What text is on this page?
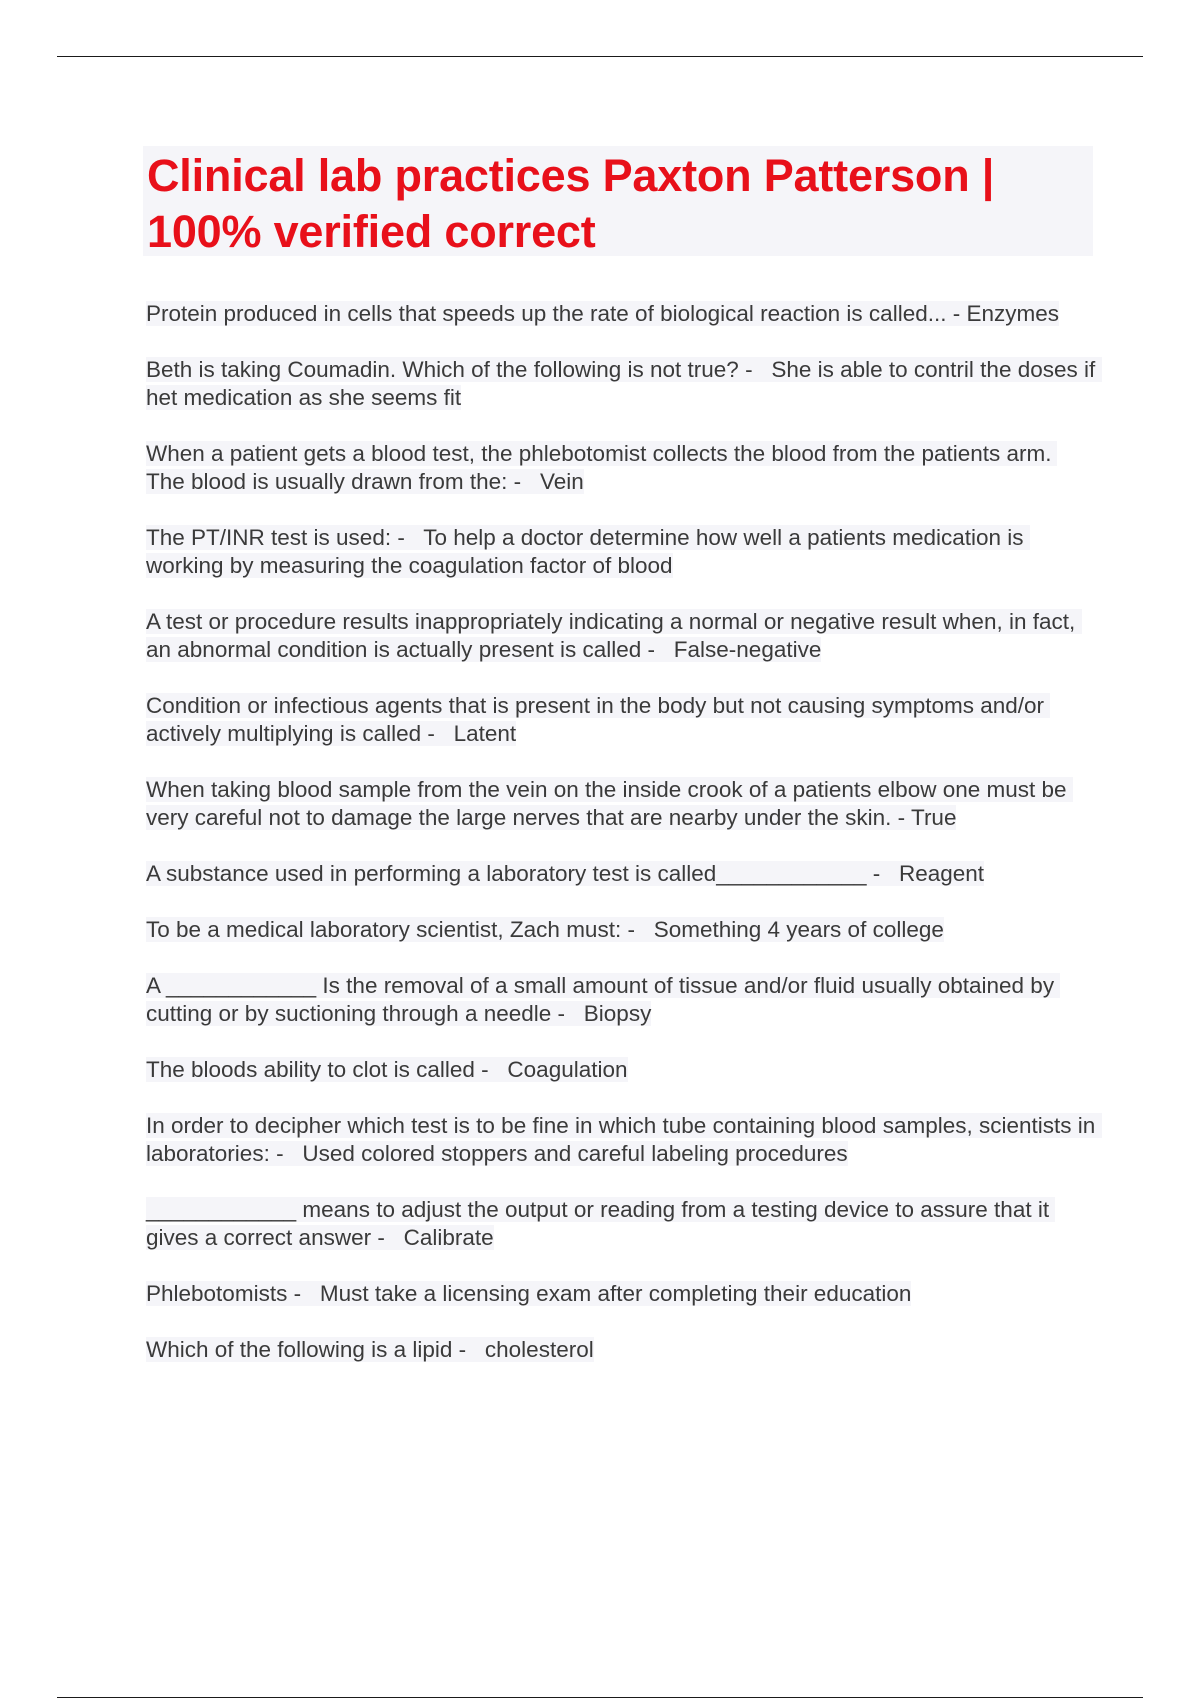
Clinical lab practices Paxton Patterson | 100% verified correct
Protein produced in cells that speeds up the rate of biological reaction is called... - Enzymes
Beth is taking Coumadin. Which of the following is not true? -   She is able to contril the doses if het medication as she seems fit
When a patient gets a blood test, the phlebotomist collects the blood from the patients arm. The blood is usually drawn from the: -   Vein
The PT/INR test is used: -   To help a doctor determine how well a patients medication is working by measuring the coagulation factor of blood
A test or procedure results inappropriately indicating a normal or negative result when, in fact, an abnormal condition is actually present is called -   False-negative
Condition or infectious agents that is present in the body but not causing symptoms and/or actively multiplying is called -   Latent
When taking blood sample from the vein on the inside crook of a patients elbow one must be very careful not to damage the large nerves that are nearby under the skin. - True
A substance used in performing a laboratory test is called____________ -   Reagent
To be a medical laboratory scientist, Zach must: -   Something 4 years of college
A ____________ Is the removal of a small amount of tissue and/or fluid usually obtained by cutting or by suctioning through a needle -   Biopsy
The bloods ability to clot is called -   Coagulation
In order to decipher which test is to be fine in which tube containing blood samples, scientists in laboratories: -   Used colored stoppers and careful labeling procedures
____________ means to adjust the output or reading from a testing device to assure that it gives a correct answer -   Calibrate
Phlebotomists -   Must take a licensing exam after completing their education
Which of the following is a lipid -   cholesterol
